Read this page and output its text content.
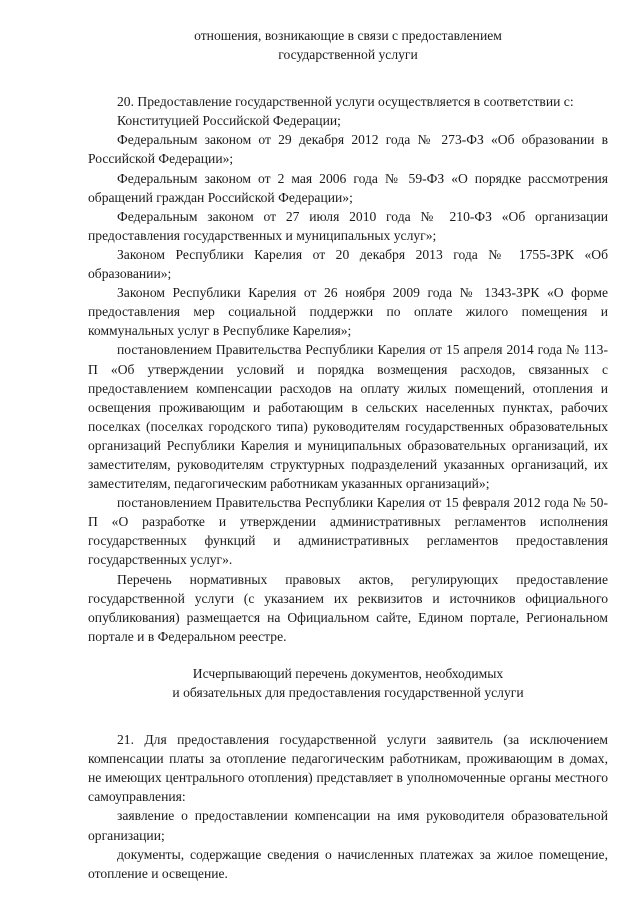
отношения, возникающие в связи с предоставлением
государственной услуги

20. Предоставление государственной услуги осуществляется в соответствии с:

Конституцией Российской Федерации;

Федеральным законом от 29 декабря 2012 года № 273-ФЗ «Об образовании в Российской Федерации»;

Федеральным законом от 2 мая 2006 года № 59-ФЗ «О порядке рассмотрения обращений граждан Российской Федерации»;

Федеральным законом от 27 июля 2010 года № 210-ФЗ «Об организации предоставления государственных и муниципальных услуг»;

Законом Республики Карелия от 20 декабря 2013 года № 1755-ЗРК «Об образовании»;

Законом Республики Карелия от 26 ноября 2009 года № 1343-ЗРК «О форме предоставления мер социальной поддержки по оплате жилого помещения и коммунальных услуг в Республике Карелия»;

постановлением Правительства Республики Карелия от 15 апреля 2014 года № 113-П «Об утверждении условий и порядка возмещения расходов, связанных с предоставлением компенсации расходов на оплату жилых помещений, отопления и освещения проживающим и работающим в сельских населенных пунктах, рабочих поселках (поселках городского типа) руководителям государственных образовательных организаций Республики Карелия и муниципальных образовательных организаций, их заместителям, руководителям структурных подразделений указанных организаций, их заместителям, педагогическим работникам указанных организаций»;

постановлением Правительства Республики Карелия от 15 февраля 2012 года № 50-П «О разработке и утверждении административных регламентов исполнения государственных функций и административных регламентов предоставления государственных услуг».

Перечень нормативных правовых актов, регулирующих предоставление государственной услуги (с указанием их реквизитов и источников официального опубликования) размещается на Официальном сайте, Едином портале, Региональном портале и в Федеральном реестре.

Исчерпывающий перечень документов, необходимых
и обязательных для предоставления государственной услуги

21. Для предоставления государственной услуги заявитель (за исключением компенсации платы за отопление педагогическим работникам, проживающим в домах, не имеющих центрального отопления) представляет в уполномоченные органы местного самоуправления:

заявление о предоставлении компенсации на имя руководителя образовательной организации;

документы, содержащие сведения о начисленных платежах за жилое помещение, отопление и освещение.
